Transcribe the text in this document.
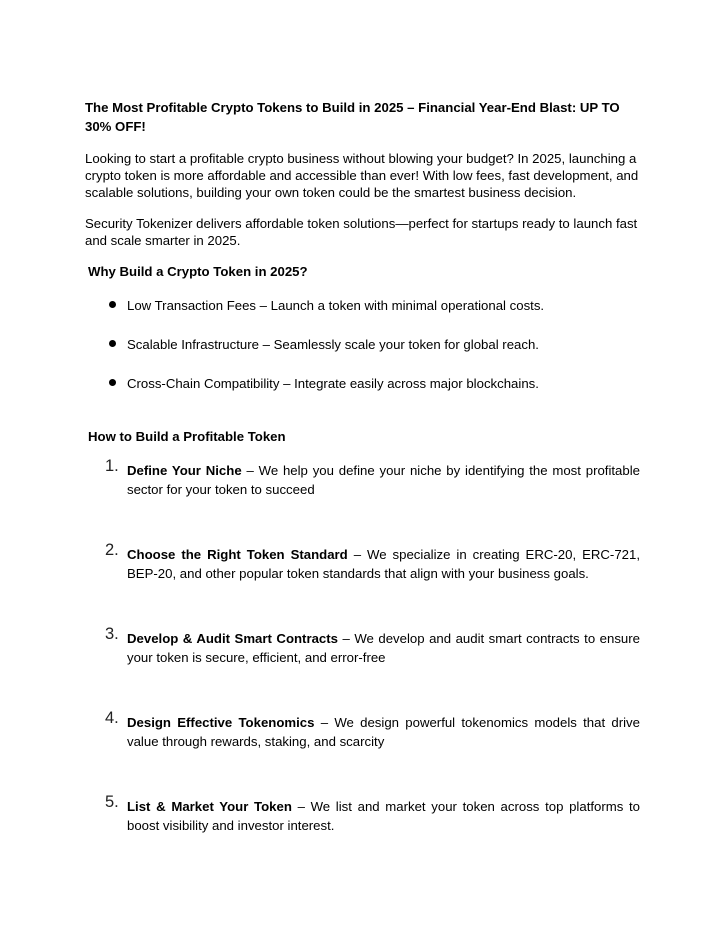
The Most Profitable Crypto Tokens to Build in 2025 – Financial Year-End Blast: UP TO 30% OFF!

Looking to start a profitable crypto business without blowing your budget? In 2025, launching a crypto token is more affordable and accessible than ever! With low fees, fast development, and scalable solutions, building your own token could be the smartest business decision.

Security Tokenizer delivers affordable token solutions—perfect for startups ready to launch fast and scale smarter in 2025.

Why Build a Crypto Token in 2025?
Low Transaction Fees – Launch a token with minimal operational costs.
Scalable Infrastructure – Seamlessly scale your token for global reach.
Cross-Chain Compatibility – Integrate easily across major blockchains.
How to Build a Profitable Token
1. Define Your Niche – We help you define your niche by identifying the most profitable sector for your token to succeed
2. Choose the Right Token Standard – We specialize in creating ERC-20, ERC-721, BEP-20, and other popular token standards that align with your business goals.
3. Develop & Audit Smart Contracts – We develop and audit smart contracts to ensure your token is secure, efficient, and error-free
4. Design Effective Tokenomics – We design powerful tokenomics models that drive value through rewards, staking, and scarcity
5. List & Market Your Token – We list and market your token across top platforms to boost visibility and investor interest.
